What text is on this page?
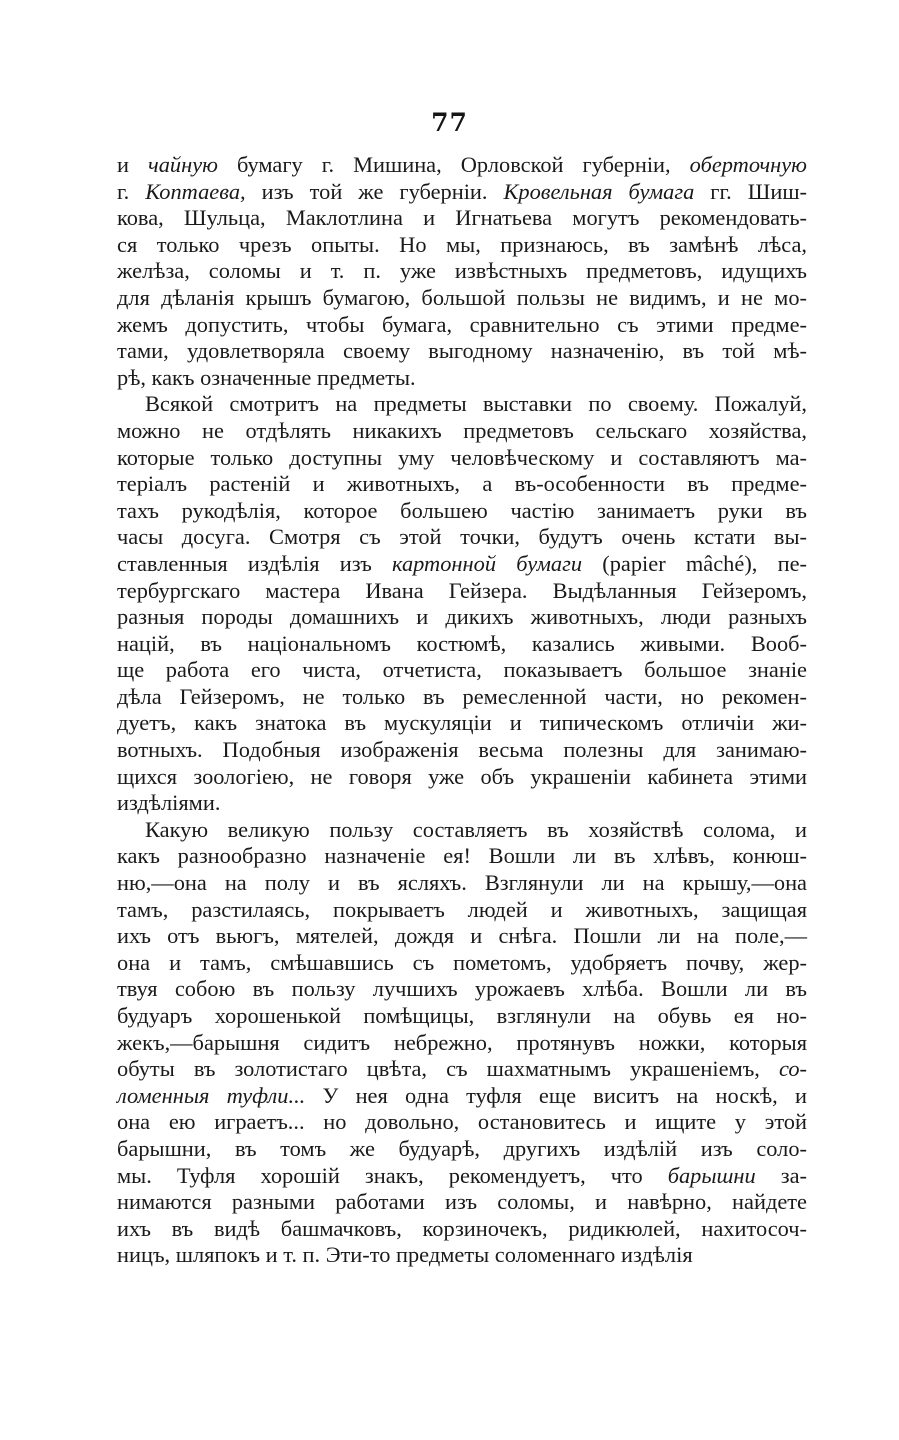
77
и чайную бумагу г. Мишина, Орловской губерніи, оберточную
г. Коптаева, изъ той же губерніи. Кровельная бумага гг. Шиш-
кова, Шульца, Маклотлина и Игнатьева могутъ рекомендовать-
ся только чрезъ опыты. Но мы, признаюсь, въ замѣнѣ лѣса,
желѣза, соломы и т. п. уже извѣстныхъ предметовъ, идущихъ
для дѣланія крышъ бумагою, большой пользы не видимъ, и не мо-
жемъ допустить, чтобы бумага, сравнительно съ этими предме-
тами, удовлетворяла своему выгодному назначенію, въ той мѣ-
рѣ, какъ означенные предметы.
Всякой смотритъ на предметы выставки по своему. Пожалуй,
можно не отдѣлять никакихъ предметовъ сельскаго хозяйства,
которые только доступны уму человѣческому и составляютъ ма-
теріалъ растеній и животныхъ, а въ-особенности въ предме-
тахъ рукодѣлія, которое большею частію занимаетъ руки въ
часы досуга. Смотря съ этой точки, будутъ очень кстати вы-
ставленныя издѣлія изъ картонной бумаги (papier mâché), пе-
тербургскаго мастера Ивана Гейзера. Выдѣланныя Гейзеромъ,
разныя породы домашнихъ и дикихъ животныхъ, люди разныхъ
націй, въ національномъ костюмѣ, казались живыми. Вооб-
ще работа его чиста, отчетиста, показываетъ большое знаніе
дѣла Гейзеромъ, не только въ ремесленной части, но рекомен-
дуетъ, какъ знатока въ мускуляціи и типическомъ отличіи жи-
вотныхъ. Подобныя изображенія весьма полезны для занимаю-
щихся зоологіею, не говоря уже объ украшеніи кабинета этими
издѣліями.
Какую великую пользу составляетъ въ хозяйствѣ солома, и
какъ разнообразно назначеніе ея! Вошли ли въ хлѣвъ, конюш-
ню,—она на полу и въ ясляхъ. Взглянули ли на крышу,—она
тамъ, разстилаясь, покрываетъ людей и животныхъ, защищая
ихъ отъ вьюгъ, мятелей, дождя и снѣга. Пошли ли на поле,—
она и тамъ, смѣшавшись съ пометомъ, удобряетъ почву, жер-
твуя собою въ пользу лучшихъ урожаевъ хлѣба. Вошли ли въ
будуаръ хорошенькой помѣщицы, взглянули на обувь ея но-
жекъ,—барышня сидитъ небрежно, протянувъ ножки, которыя
обуты въ золотистаго цвѣта, съ шахматнымъ украшеніемъ, со-
ломенныя туфли... У нея одна туфля еще виситъ на носкѣ, и
она ею играетъ... но довольно, остановитесь и ищите у этой
барышни, въ томъ же будуарѣ, другихъ издѣлій изъ соло-
мы. Туфля хорошій знакъ, рекомендуетъ, что барышни за-
нимаются разными работами изъ соломы, и навѣрно, найдете
ихъ въ видѣ башмачковъ, корзиночекъ, ридикюлей, нахитосоч-
ницъ, шляпокъ и т. п. Эти-то предметы соломеннаго издѣлія
